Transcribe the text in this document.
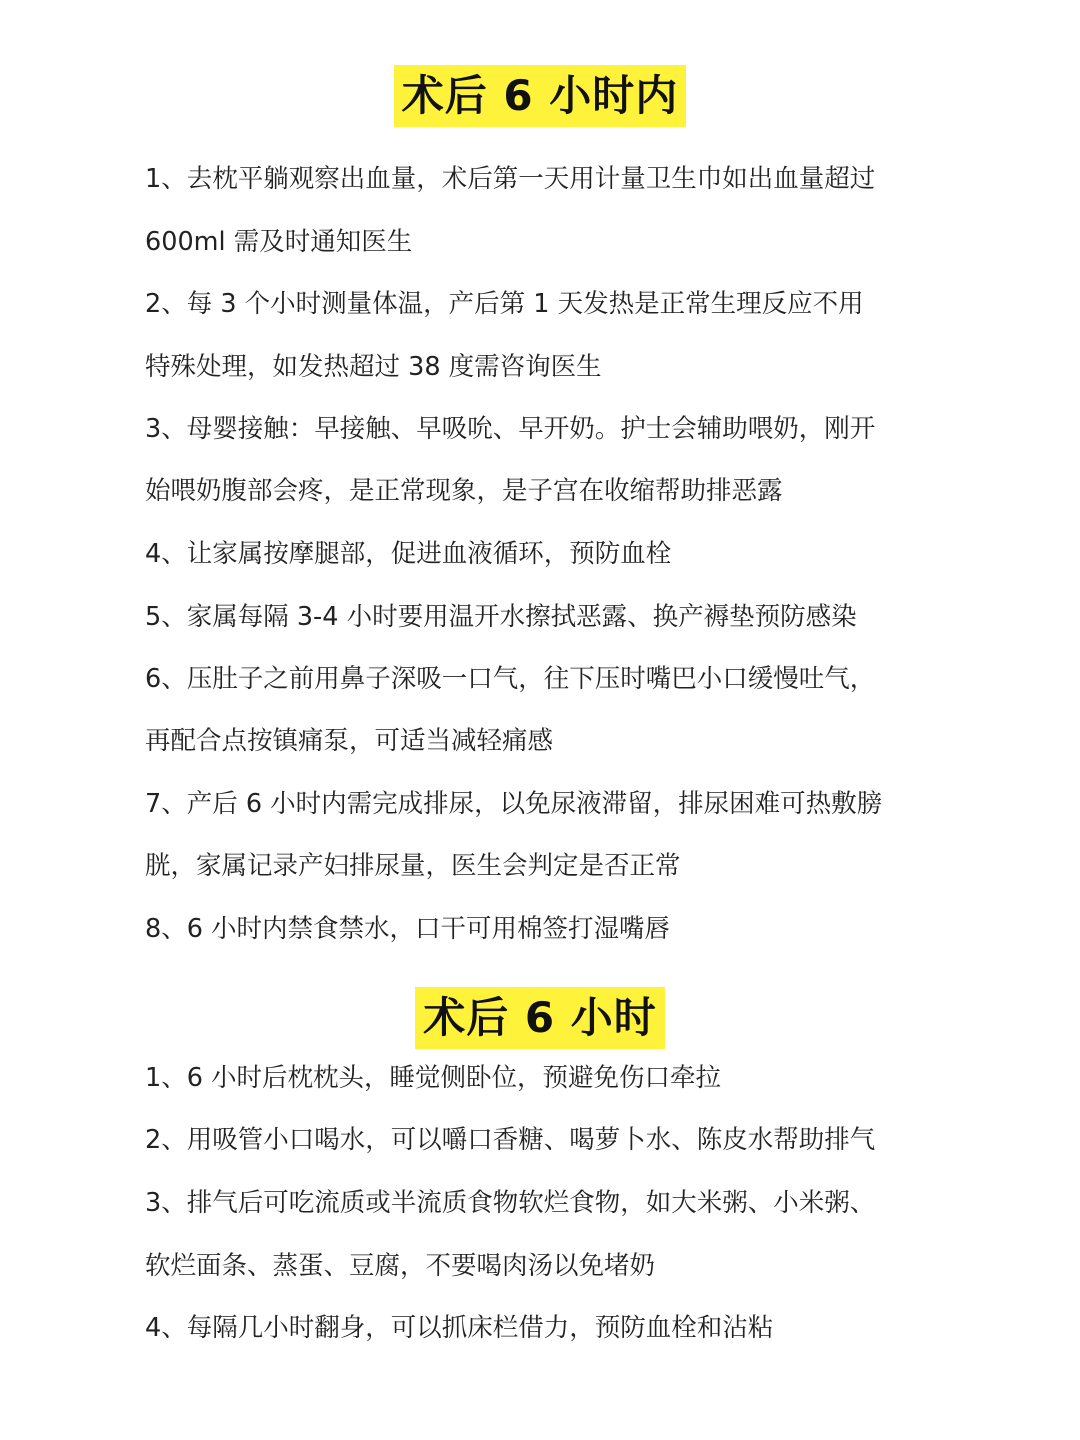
术后 6 小时内
1、去枕平躺观察出血量，术后第一天用计量卫生巾如出血量超过
600ml 需及时通知医生
2、每 3 个小时测量体温，产后第 1 天发热是正常生理反应不用
特殊处理，如发热超过 38 度需咨询医生
3、母婴接触：早接触、早吸吮、早开奶。护士会辅助喂奶，刚开
始喂奶腹部会疼，是正常现象，是子宫在收缩帮助排恶露
4、让家属按摩腿部，促进血液循环，预防血栓
5、家属每隔 3-4 小时要用温开水擦拭恶露、换产褥垫预防感染
6、压肚子之前用鼻子深吸一口气，往下压时嘴巴小口缓慢吐气，
再配合点按镇痛泵，可适当减轻痛感
7、产后 6 小时内需完成排尿，以免尿液滞留，排尿困难可热敷膀
胱，家属记录产妇排尿量，医生会判定是否正常
8、6 小时内禁食禁水，口干可用棉签打湿嘴唇
术后 6 小时
1、6 小时后枕枕头，睡觉侧卧位，预避免伤口牵拉
2、用吸管小口喝水，可以嚼口香糖、喝萝卜水、陈皮水帮助排气
3、排气后可吃流质或半流质食物软烂食物，如大米粥、小米粥、
软烂面条、蒸蛋、豆腐，不要喝肉汤以免堵奶
4、每隔几小时翻身，可以抓床栏借力，预防血栓和沾粘
